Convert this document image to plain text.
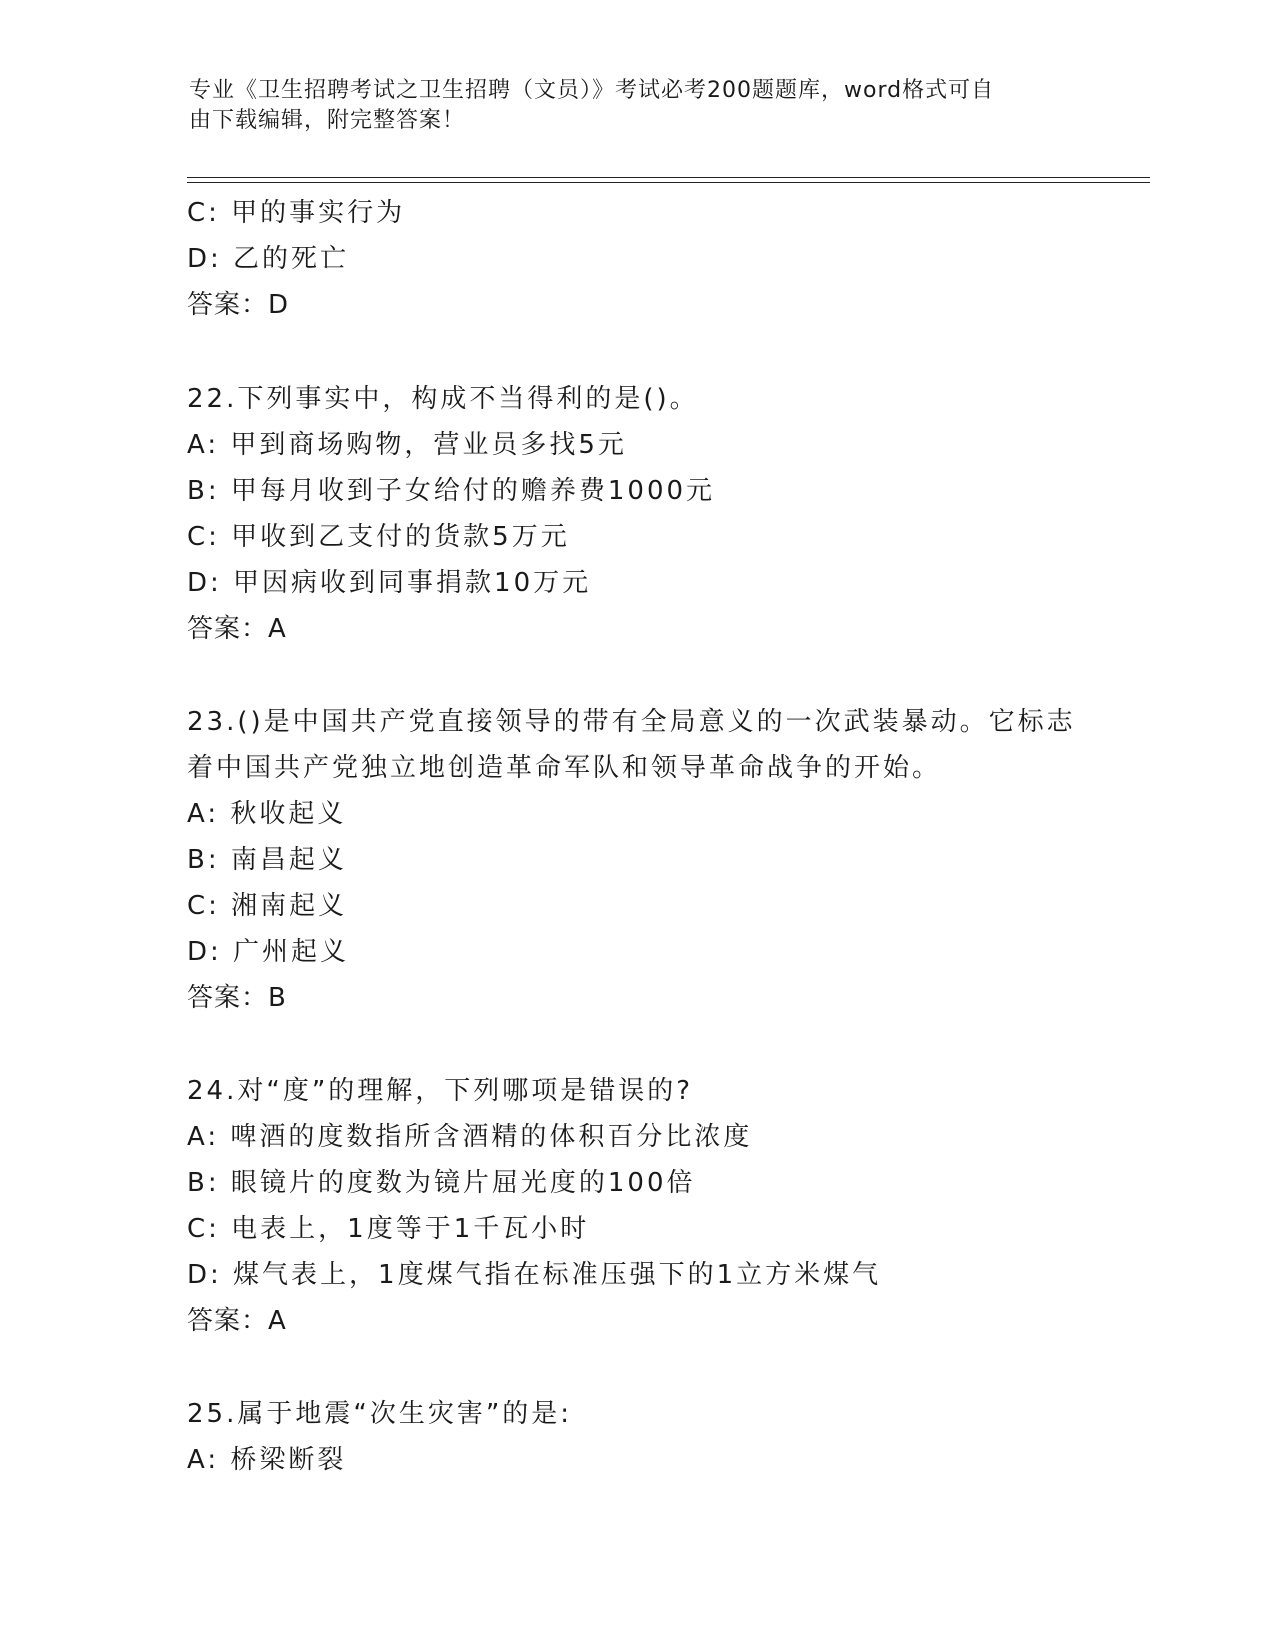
专业《卫生招聘考试之卫生招聘（文员）》考试必考200题题库，word格式可自
由下载编辑，附完整答案！

C: 甲的事实行为

D: 乙的死亡

答案：D

22.下列事实中，构成不当得利的是()。

A: 甲到商场购物，营业员多找5元

B: 甲每月收到子女给付的赡养费1000元

C: 甲收到乙支付的货款5万元

D: 甲因病收到同事捐款10万元

答案：A

23.()是中国共产党直接领导的带有全局意义的一次武装暴动。它标志

着中国共产党独立地创造革命军队和领导革命战争的开始。

A: 秋收起义

B: 南昌起义

C: 湘南起义

D: 广州起义

答案：B

24.对“度”的理解，下列哪项是错误的?

A: 啤酒的度数指所含酒精的体积百分比浓度

B: 眼镜片的度数为镜片屈光度的100倍

C: 电表上，1度等于1千瓦小时

D: 煤气表上，1度煤气指在标准压强下的1立方米煤气

答案：A

25.属于地震“次生灾害”的是:

A: 桥梁断裂
